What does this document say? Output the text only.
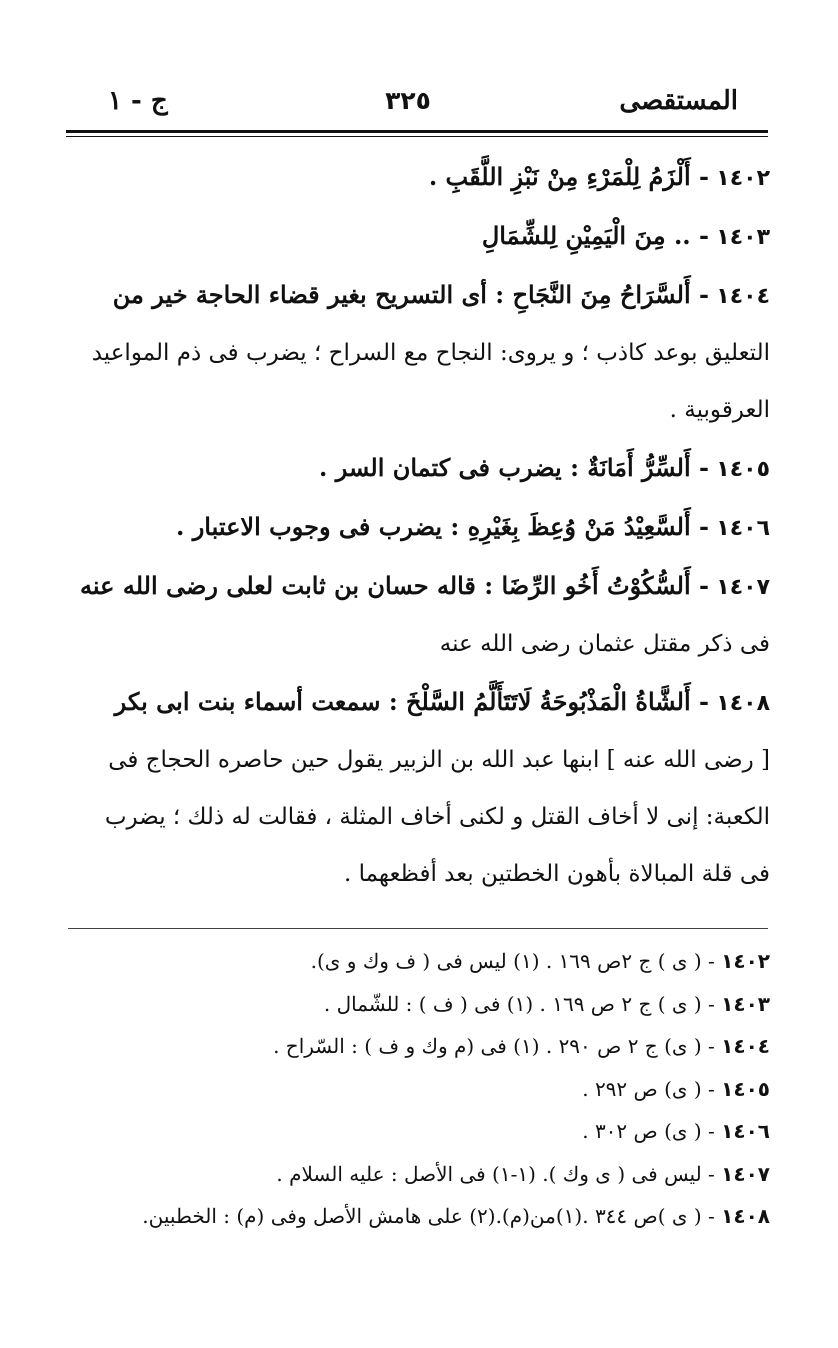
المستقصى
٣٢٥
ج - ١

١٤٠٢ - أَلْزَمُ لِلْمَرْءِ مِنْ نَبْزِ اللَّقَبِ .

١٤٠٣ - .. مِنَ الْيَمِيْنِ لِلشِّمَالِ

١٤٠٤ - أَلسَّرَاحُ مِنَ النَّجَاحِ : أى التسريح بغير قضاء الحاجة خير من

التعليق بوعد كاذب ؛ و يروى: النجاح مع السراح ؛ يضرب فى ذم المواعيد

العرقوبية .

١٤٠٥ - أَلسِّرُّ أَمَانَةٌ : يضرب فى كتمان السر .

١٤٠٦ - أَلسَّعِيْدُ مَنْ وُعِظَ بِغَيْرِهِ : يضرب فى وجوب الاعتبار .

١٤٠٧ - أَلسُّكُوْتُ أَخُو الرِّضَا : قاله حسان بن ثابت لعلى رضى الله عنه

فى ذكر مقتل عثمان رضى الله عنه

١٤٠٨ - أَلشَّاةُ الْمَذْبُوحَةُ لَاتَتَأَلَّمُ السَّلْخَ : سمعت أسماء بنت ابى بكر

[ رضى الله عنه ] ابنها عبد الله بن الزبير يقول حين حاصره الحجاج فى

الكعبة: إنى لا أخاف القتل و لكنى أخاف المثلة ، فقالت له ذلك ؛ يضرب

فى قلة المبالاة بأهون الخطتين بعد أفظعهما .

١٤٠٢ - ( ى ) ج ٢ص ١٦٩ . (١) ليس فى ( ف وك و ى).

١٤٠٣ - ( ى ) ج ٢ ص ١٦٩ . (١) فى ( ف ) : للشّمال .

١٤٠٤ - ( ى) ج ٢ ص ٢٩٠ . (١) فى (م وك و ف ) : السّراح .

١٤٠٥ - ( ى) ص ٢٩٢ .

١٤٠٦ - ( ى) ص ٣٠٢ .

١٤٠٧ - ليس فى ( ى وك ). (١-١) فى الأصل : عليه السلام .

١٤٠٨ - ( ى )ص ٣٤٤ .(١)من(م).(٢) على هامش الأصل وفى (م) : الخطبين.
